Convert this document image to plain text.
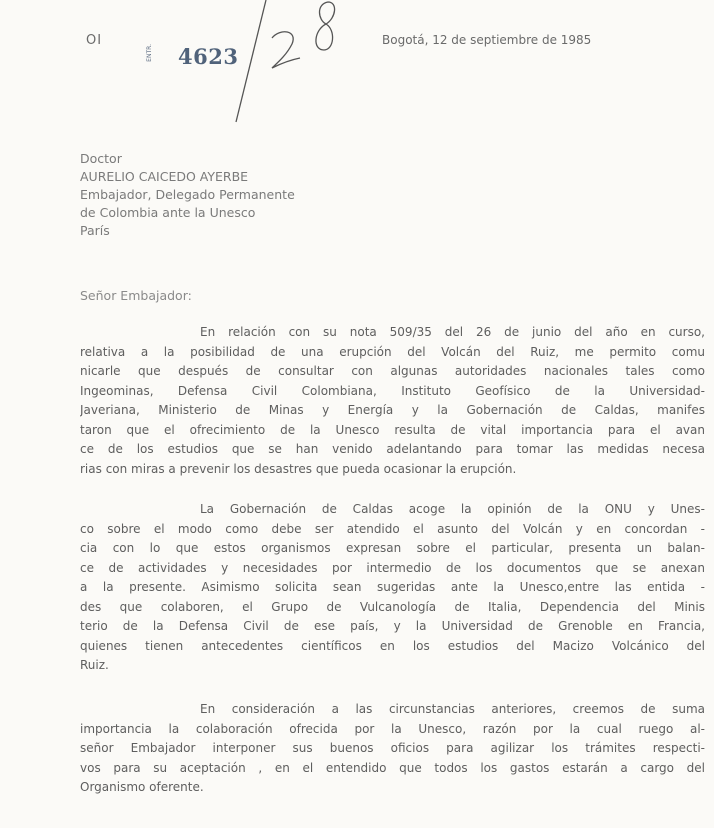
OI
ENTR. 4623
Bogotá, 12 de septiembre de 1985
Doctor
AURELIO CAICEDO AYERBE
Embajador, Delegado Permanente
de Colombia ante la Unesco
París
Señor Embajador:
En relación con su nota 509/35 del 26 de junio del año en curso,
relativa a la posibilidad de una erupción del Volcán del Ruiz, me permito comu
nicarle que después de consultar con algunas autoridades nacionales tales como
Ingeominas, Defensa Civil Colombiana, Instituto Geofísico de la Universidad-
Javeriana, Ministerio de Minas y Energía y la Gobernación de Caldas, manifes
taron que el ofrecimiento de la Unesco resulta de vital importancia para el avan
ce de los estudios que se han venido adelantando para tomar las medidas necesa
rias con miras a prevenir los desastres que pueda ocasionar la erupción.
La Gobernación de Caldas acoge la opinión de la ONU y Unes-
co sobre el modo como debe ser atendido el asunto del Volcán y en concordan -
cia con lo que estos organismos expresan sobre el particular, presenta un balan-
ce de actividades y necesidades por intermedio de los documentos que se anexan
a la presente. Asimismo solicita sean sugeridas ante la Unesco,entre las entida -
des que colaboren, el Grupo de Vulcanología de Italia, Dependencia del Minis
terio de la Defensa Civil de ese país, y la Universidad de Grenoble en Francia,
quienes tienen antecedentes científicos en los estudios del Macizo Volcánico del
Ruiz.
En consideración a las circunstancias anteriores, creemos de suma
importancia la colaboración ofrecida por la Unesco, razón por la cual ruego al-
señor Embajador interponer sus buenos oficios para agilizar los trámites respecti-
vos para su aceptación , en el entendido que todos los gastos estarán a cargo del
Organismo oferente.
